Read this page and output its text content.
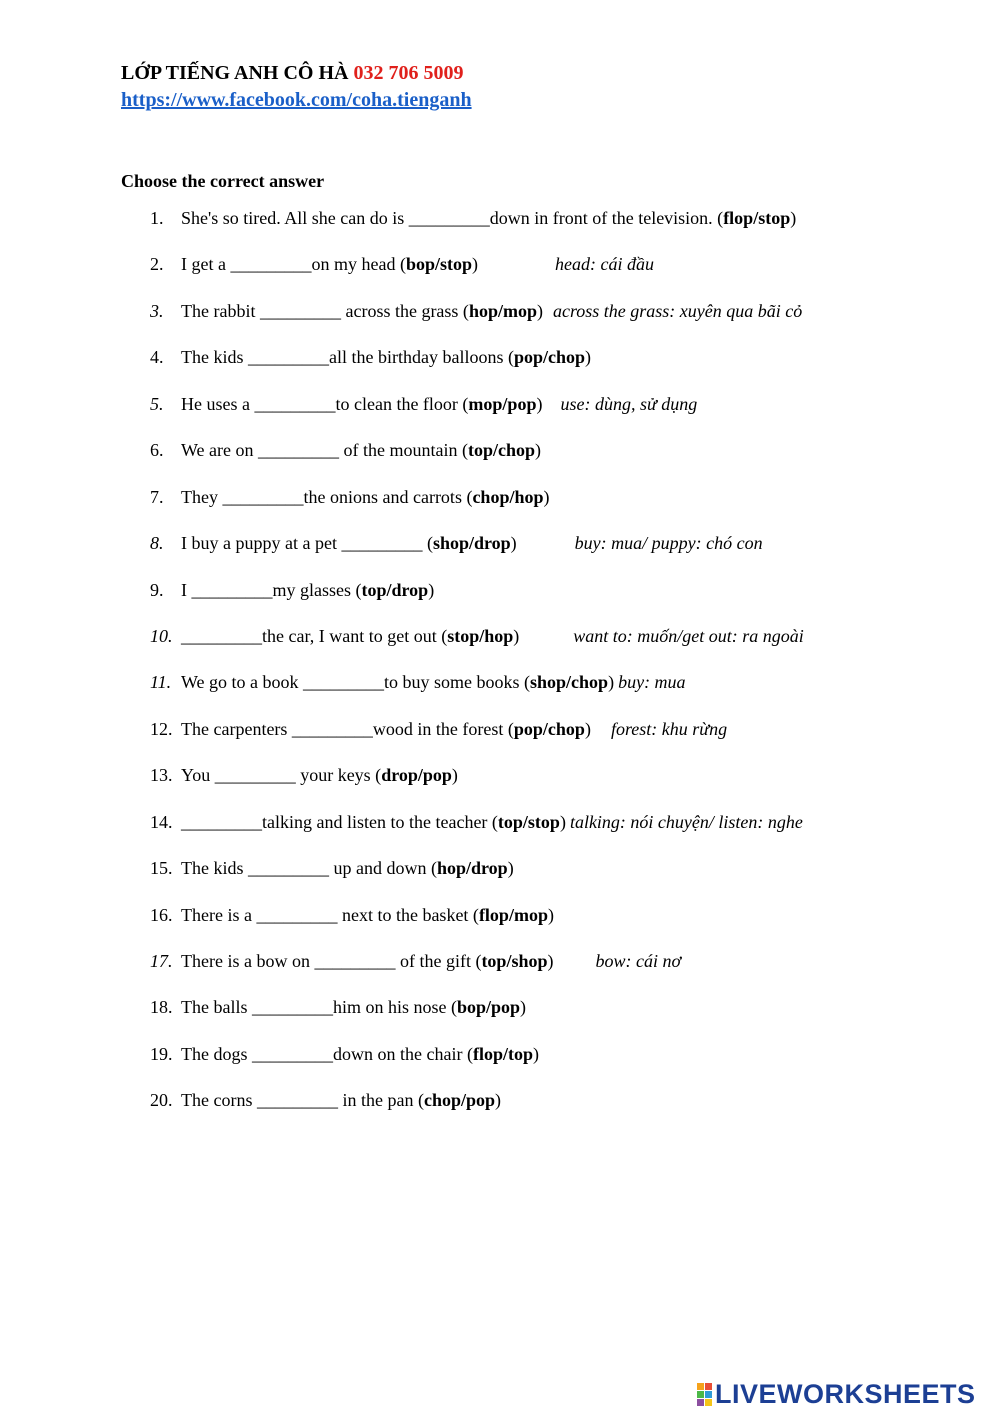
LỚP TIẾNG ANH CÔ HÀ 032 706 5009
https://www.facebook.com/coha.tienganh
Choose the correct answer
1. She's so tired. All she can do is _________down in front of the television. (flop/stop)
2. I get a _________on my head (bop/stop)	head: cái đầu
3. The rabbit _________ across the grass (hop/mop) across the grass: xuyên qua bãi cỏ
4. The kids _________all the birthday balloons (pop/chop)
5. He uses a _________to clean the floor (mop/pop) use: dùng, sử dụng
6. We are on _________ of the mountain (top/chop)
7. They _________the onions and carrots (chop/hop)
8. I buy a puppy at a pet _________ (shop/drop)	buy: mua/ puppy: chó con
9. I _________my glasses (top/drop)
10. _________the car, I want to get out (stop/hop)	want to: muốn/get out: ra ngoài
11. We go to a book _________to buy some books (shop/chop) buy: mua
12. The carpenters _________wood in the forest (pop/chop) forest: khu rừng
13. You _________ your keys (drop/pop)
14. _________talking and listen to the teacher (top/stop) talking: nói chuyện/ listen: nghe
15. The kids _________ up and down (hop/drop)
16. There is a _________ next to the basket (flop/mop)
17. There is a bow on _________ of the gift (top/shop) bow: cái nơ
18. The balls _________him on his nose (bop/pop)
19. The dogs _________down on the chair (flop/top)
20. The corns _________ in the pan (chop/pop)
LIVEWORKSHEETS
